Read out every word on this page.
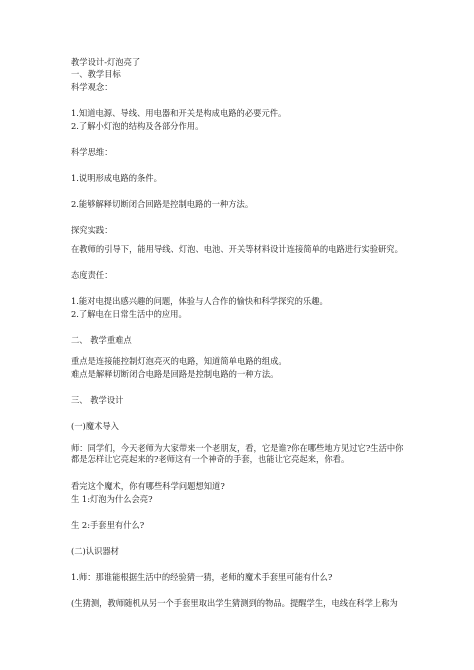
教学设计-灯泡亮了
一、教学目标
科学观念：
1.知道电源、导线、用电器和开关是构成电路的必要元件。
2.了解小灯泡的结构及各部分作用。
科学思维：
1.说明形成电路的条件。
2.能够解释切断闭合回路是控制电路的一种方法。
探究实践：
在教师的引导下，能用导线、灯泡、电池、开关等材料设计连接简单的电路进行实验研究。
态度责任：
1.能对电提出感兴趣的问题，体验与人合作的愉快和科学探究的乐趣。
2.了解电在日常生活中的应用。
二、 教学重难点
重点是连接能控制灯泡亮灭的电路，知道简单电路的组成。
难点是解释切断闭合电路是回路是控制电路的一种方法。
三、 教学设计
(一)魔术导入
师：同学们，今天老师为大家带来一个老朋友，看，它是谁?你在哪些地方见过它?生活中你都是怎样让它亮起来的?老师这有一个神奇的手套，也能让它亮起来，你看。
看完这个魔术，你有哪些科学问题想知道?
生 1:灯泡为什么会亮?
生 2:手套里有什么?
(二)认识器材
1.师：那谁能根据生活中的经验猜一猜，老师的魔术手套里可能有什么?
(生猜测，教师随机从另一个手套里取出学生猜测到的物品。提醒学生，电线在科学上称为
